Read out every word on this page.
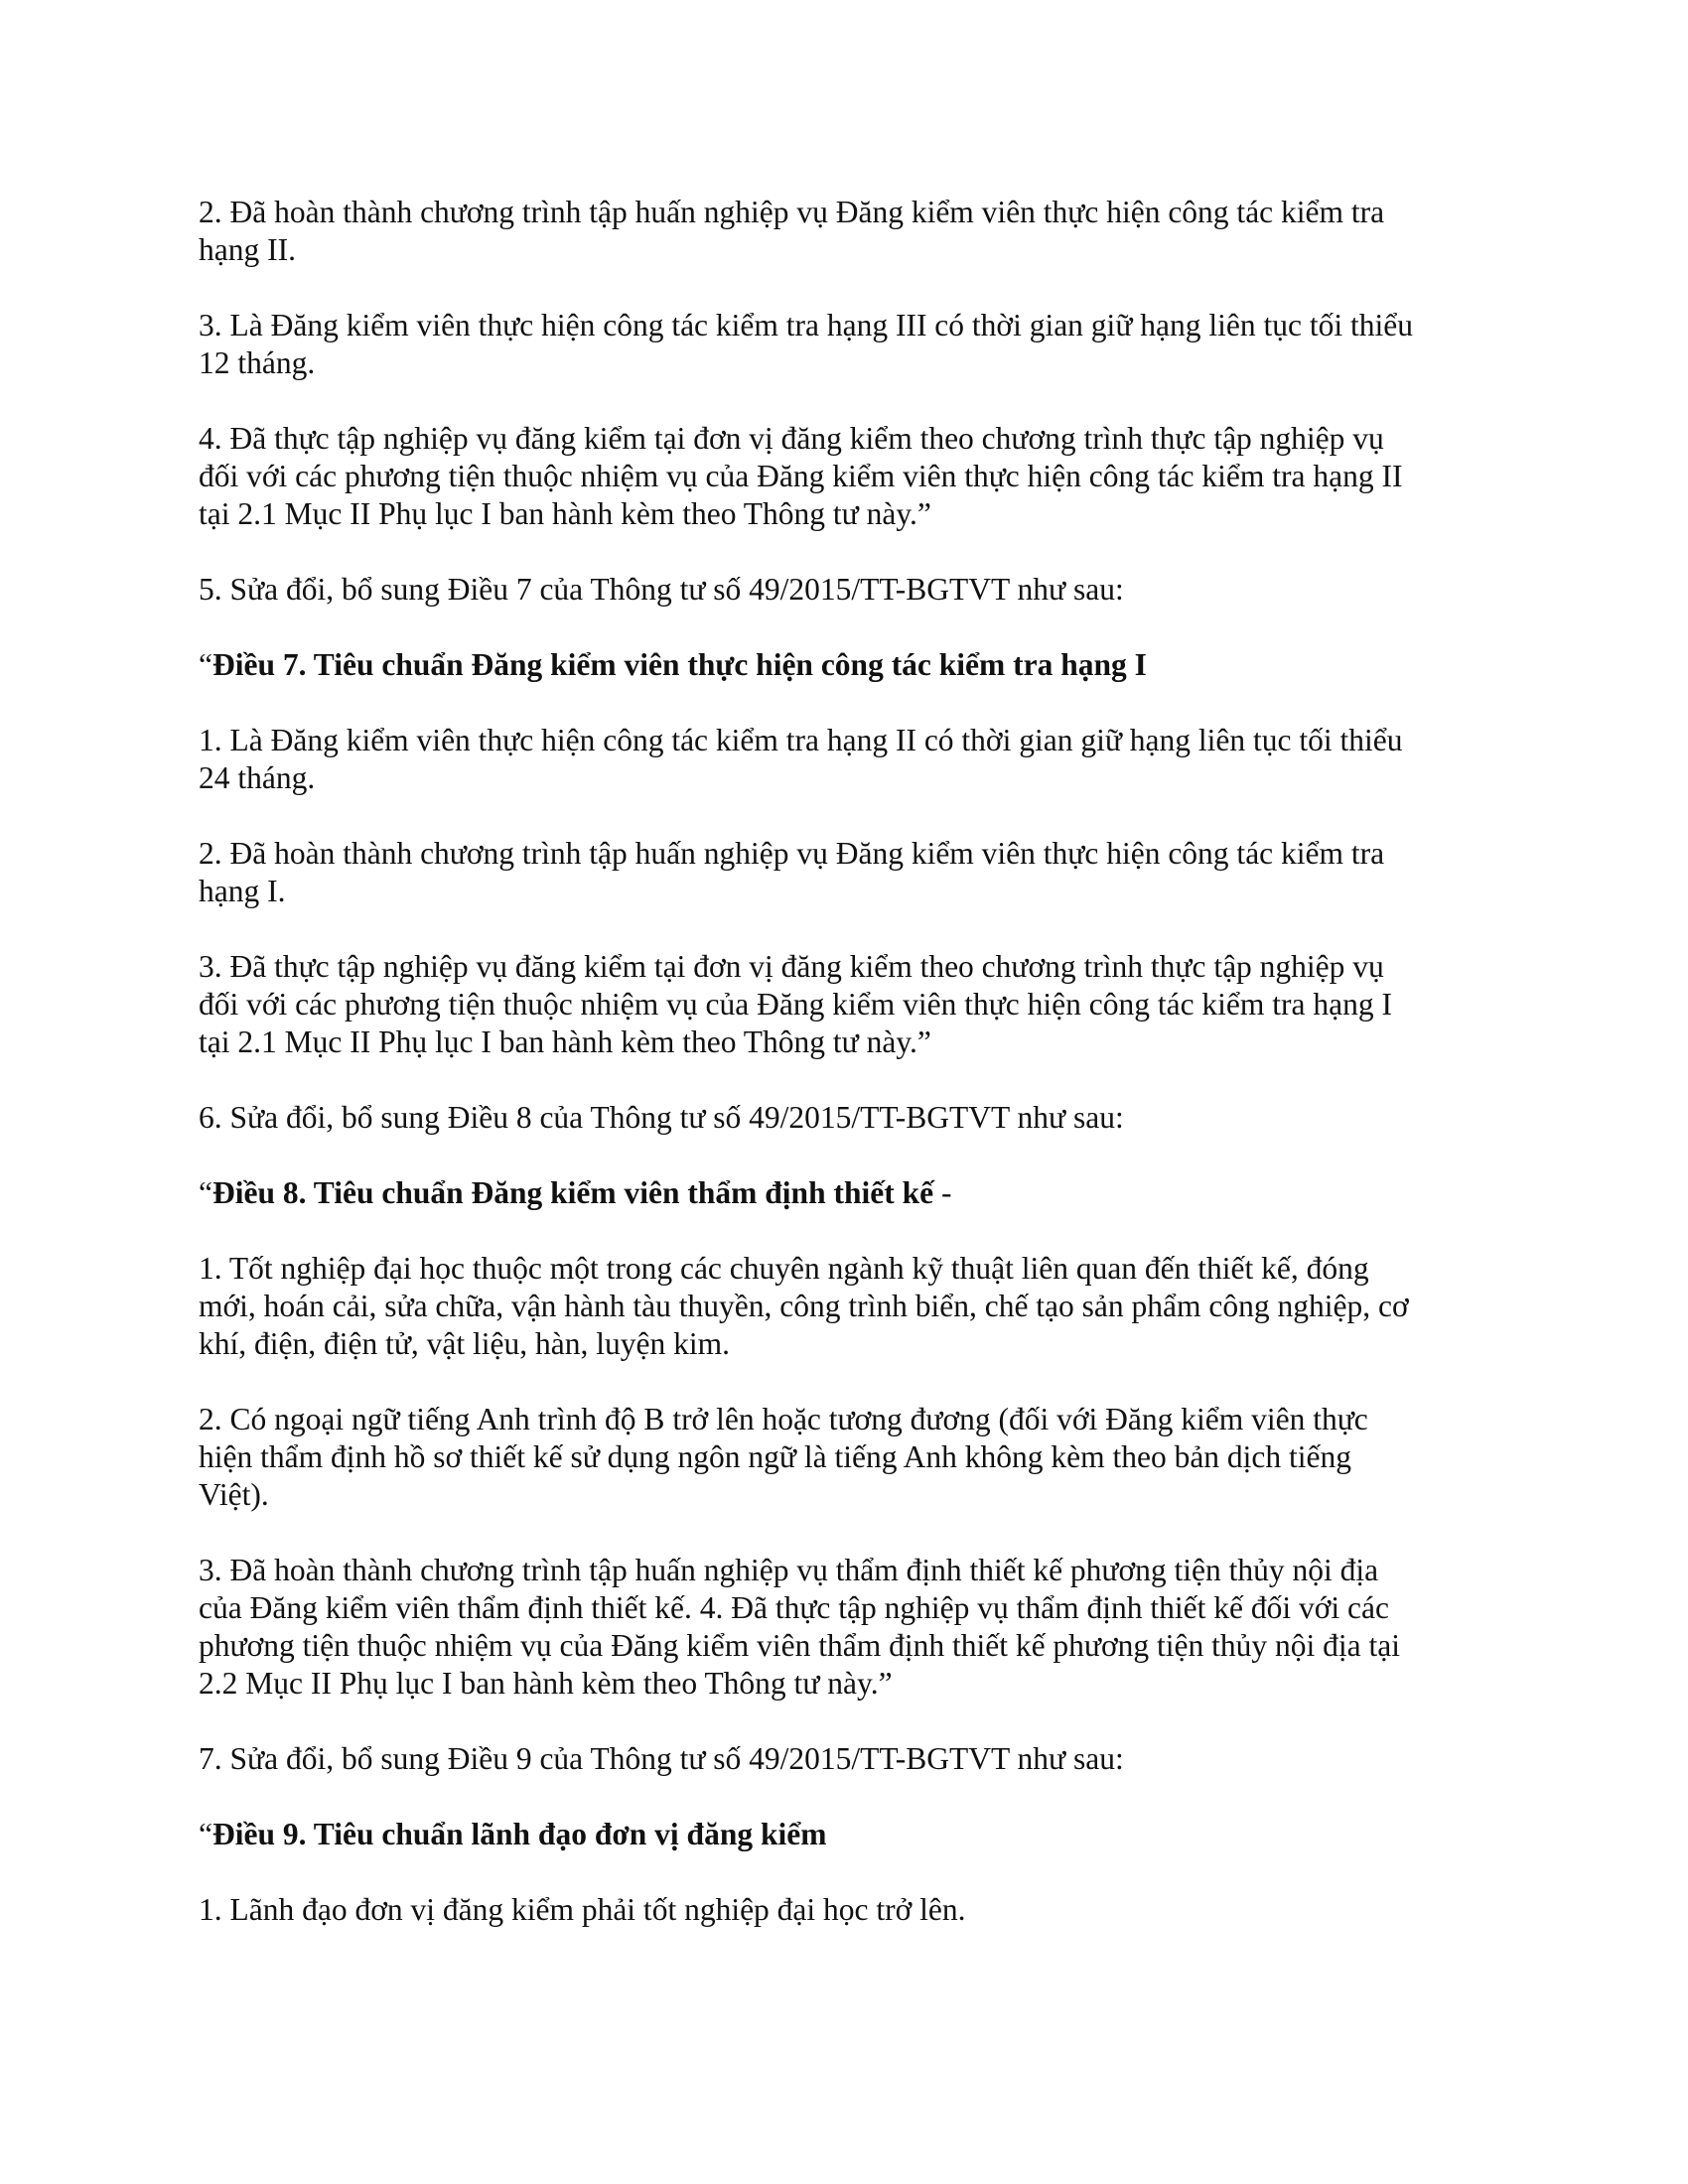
2. Đã hoàn thành chương trình tập huấn nghiệp vụ Đăng kiểm viên thực hiện công tác kiểm tra
hạng II.

3. Là Đăng kiểm viên thực hiện công tác kiểm tra hạng III có thời gian giữ hạng liên tục tối thiểu
12 tháng.

4. Đã thực tập nghiệp vụ đăng kiểm tại đơn vị đăng kiểm theo chương trình thực tập nghiệp vụ
đối với các phương tiện thuộc nhiệm vụ của Đăng kiểm viên thực hiện công tác kiểm tra hạng II
tại 2.1 Mục II Phụ lục I ban hành kèm theo Thông tư này.”

5. Sửa đổi, bổ sung Điều 7 của Thông tư số 49/2015/TT-BGTVT như sau:

“Điều 7. Tiêu chuẩn Đăng kiểm viên thực hiện công tác kiểm tra hạng I

1. Là Đăng kiểm viên thực hiện công tác kiểm tra hạng II có thời gian giữ hạng liên tục tối thiểu
24 tháng.

2. Đã hoàn thành chương trình tập huấn nghiệp vụ Đăng kiểm viên thực hiện công tác kiểm tra
hạng I.

3. Đã thực tập nghiệp vụ đăng kiểm tại đơn vị đăng kiểm theo chương trình thực tập nghiệp vụ
đối với các phương tiện thuộc nhiệm vụ của Đăng kiểm viên thực hiện công tác kiểm tra hạng I
tại 2.1 Mục II Phụ lục I ban hành kèm theo Thông tư này.”

6. Sửa đổi, bổ sung Điều 8 của Thông tư số 49/2015/TT-BGTVT như sau:

“Điều 8. Tiêu chuẩn Đăng kiểm viên thẩm định thiết kế -

1. Tốt nghiệp đại học thuộc một trong các chuyên ngành kỹ thuật liên quan đến thiết kế, đóng
mới, hoán cải, sửa chữa, vận hành tàu thuyền, công trình biển, chế tạo sản phẩm công nghiệp, cơ
khí, điện, điện tử, vật liệu, hàn, luyện kim.

2. Có ngoại ngữ tiếng Anh trình độ B trở lên hoặc tương đương (đối với Đăng kiểm viên thực
hiện thẩm định hồ sơ thiết kế sử dụng ngôn ngữ là tiếng Anh không kèm theo bản dịch tiếng
Việt).

3. Đã hoàn thành chương trình tập huấn nghiệp vụ thẩm định thiết kế phương tiện thủy nội địa
của Đăng kiểm viên thẩm định thiết kế. 4. Đã thực tập nghiệp vụ thẩm định thiết kế đối với các
phương tiện thuộc nhiệm vụ của Đăng kiểm viên thẩm định thiết kế phương tiện thủy nội địa tại
2.2 Mục II Phụ lục I ban hành kèm theo Thông tư này.”

7. Sửa đổi, bổ sung Điều 9 của Thông tư số 49/2015/TT-BGTVT như sau:

“Điều 9. Tiêu chuẩn lãnh đạo đơn vị đăng kiểm

1. Lãnh đạo đơn vị đăng kiểm phải tốt nghiệp đại học trở lên.
